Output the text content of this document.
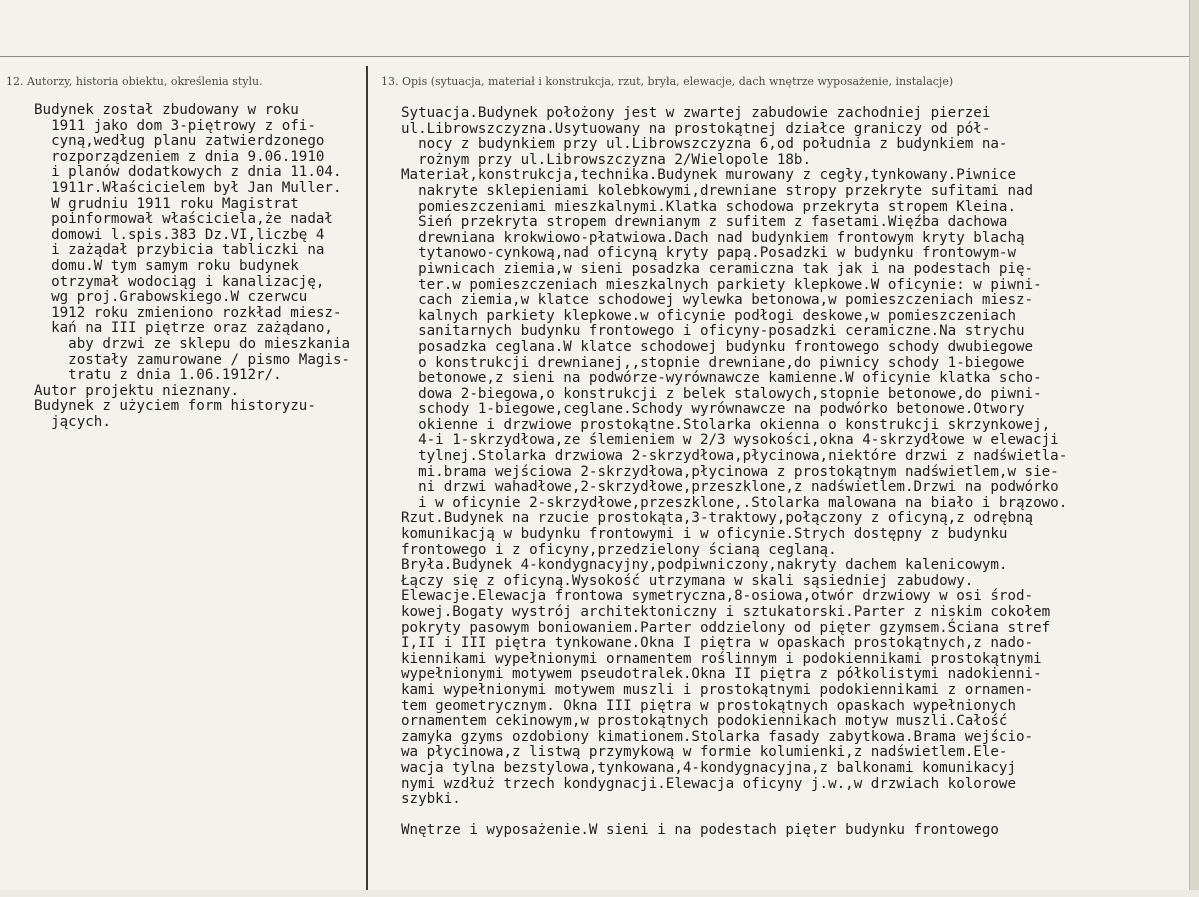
12. Autorzy, historia obiektu, określenia stylu.	13. Opis (sytuacja, materiał i konstrukcja, rzut, bryła, elewacje, dach wnętrze wyposażenie, instalacje)
Budynek został zbudowany w roku
1911 jako dom 3-piętrowy z ofi-
cyną,według planu zatwierdzonego
rozporządzeniem z dnia 9.06.1910
i planów dodatkowych z dnia 11.04.
1911r.Właścicielem był Jan Muller.
W grudniu 1911 roku Magistrat
poinformował właściciela,że nadał
domowi l.spis.383 Dz.VI,liczbę 4
i zażądał przybicia tabliczki na
domu.W tym samym roku budynek
otrzymał wodociąg i kanalizację,
wg proj.Grabowskiego.W czerwcu
1912 roku zmieniono rozkład miesz-
kań na III piętrze oraz zażądano,
aby drzwi ze sklepu do mieszkania
zostały zamurowane / pismo Magis-
tratu z dnia 1.06.1912r/.
Autor projektu nieznany.
Budynek z użyciem form historyzu-
jących.
Sytuacja.Budynek położony jest w zwartej zabudowie zachodniej pierzei
ul.Librowszczyzna.Usytuowany na prostokątnej działce graniczy od pół-
nocy z budynkiem przy ul.Librowszczyzna 6,od południa z budynkiem na-
rożnym przy ul.Librowszczyzna 2/Wielopole 18b.
Materiał,konstrukcja,technika.Budynek murowany z cegły,tynkowany.Piwnice
nakryte sklepieniami kolebkowymi,drewniane stropy przekryte sufitami nad
pomieszczeniami mieszkalnymi.Klatka schodowa przekryta stropem Kleina.
Sień przekryta stropem drewnianym z sufitem z fasetami.Więźba dachowa
drewniana krokwiowo-płatwiowa.Dach nad budynkiem frontowym kryty blachą
tytanowo-cynkową,nad oficyną kryty papą.Posadzki w budynku frontowym-w
piwnicach ziemia,w sieni posadzka ceramiczna tak jak i na podestach pię-
ter.w pomieszczeniach mieszkalnych parkiety klepkowe.W oficynie: w piwni-
cach ziemia,w klatce schodowej wylewka betonowa,w pomieszczeniach miesz-
kalnych parkiety klepkowe.w oficynie podłogi deskowe,w pomieszczeniach
sanitarnych budynku frontowego i oficyny-posadzki ceramiczne.Na strychu
posadzka ceglana.W klatce schodowej budynku frontowego schody dwubiegowe
o konstrukcji drewnianej,,stopnie drewniane,do piwnicy schody 1-biegowe
betonowe,z sieni na podwórze-wyrównawcze kamienne.W oficynie klatka scho-
dowa 2-biegowa,o konstrukcji z belek stalowych,stopnie betonowe,do piwni-
schody 1-biegowe,ceglane.Schody wyrównawcze na podwórko betonowe.Otwory
okienne i drzwiowe prostokątne.Stolarka okienna o konstrukcji skrzynkowej,
4-i 1-skrzydłowa,ze ślemieniem w 2/3 wysokości,okna 4-skrzydłowe w elewacji
tylnej.Stolarka drzwiowa 2-skrzydłowa,płycinowa,niektóre drzwi z nadświetla-
mi.brama wejściowa 2-skrzydłowa,płycinowa z prostokątnym nadświetlem,w sie-
ni drzwi wahadłowe,2-skrzydłowe,przeszklone,z nadświetlem.Drzwi na podwórko
i w oficynie 2-skrzydłowe,przeszklone,.Stolarka malowana na biało i brązowo.
Rzut.Budynek na rzucie prostokąta,3-traktowy,połączony z oficyną,z odrębną
komunikacją w budynku frontowymi i w oficynie.Strych dostępny z budynku
frontowego i z oficyny,przedzielony ścianą ceglaną.
Bryła.Budynek 4-kondygnacyjny,podpiwniczony,nakryty dachem kalenicowym.
Łączy się z oficyną.Wysokość utrzymana w skali sąsiedniej zabudowy.
Elewacje.Elewacja frontowa symetryczna,8-osiowa,otwór drzwiowy w osi środ-
kowej.Bogaty wystrój architektoniczny i sztukatorski.Parter z niskim cokołem
pokryty pasowym boniowaniem.Parter oddzielony od pięter gzymsem.Ściana stref
I,II i III piętra tynkowane.Okna I piętra w opaskach prostokątnych,z nado-
kiennikami wypełnionymi ornamentem roślinnym i podokiennikami prostokątnymi
wypełnionymi motywem pseudotralek.Okna II piętra z półkolistymi nadokienni-
kami wypełnionymi motywem muszli i prostokątnymi podokiennikami z ornamen-
tem geometrycznym. Okna III piętra w prostokątnych opaskach wypełnionych
ornamentem cekinowym,w prostokątnych podokiennikach motyw muszli.Całość
zamyka gzyms ozdobiony kimationem.Stolarka fasady zabytkowa.Brama wejścio-
wa płycinowa,z listwą przymykową w formie kolumienki,z nadświetlem.Ele-
wacja tylna bezstylowa,tynkowana,4-kondygnacyjna,z balkonami komunikacyj
nymi wzdłuż trzech kondygnacji.Elewacja oficyny j.w.,w drzwiach kolorowe
szybki.

Wnętrze i wyposażenie.W sieni i na podestach pięter budynku frontowego
